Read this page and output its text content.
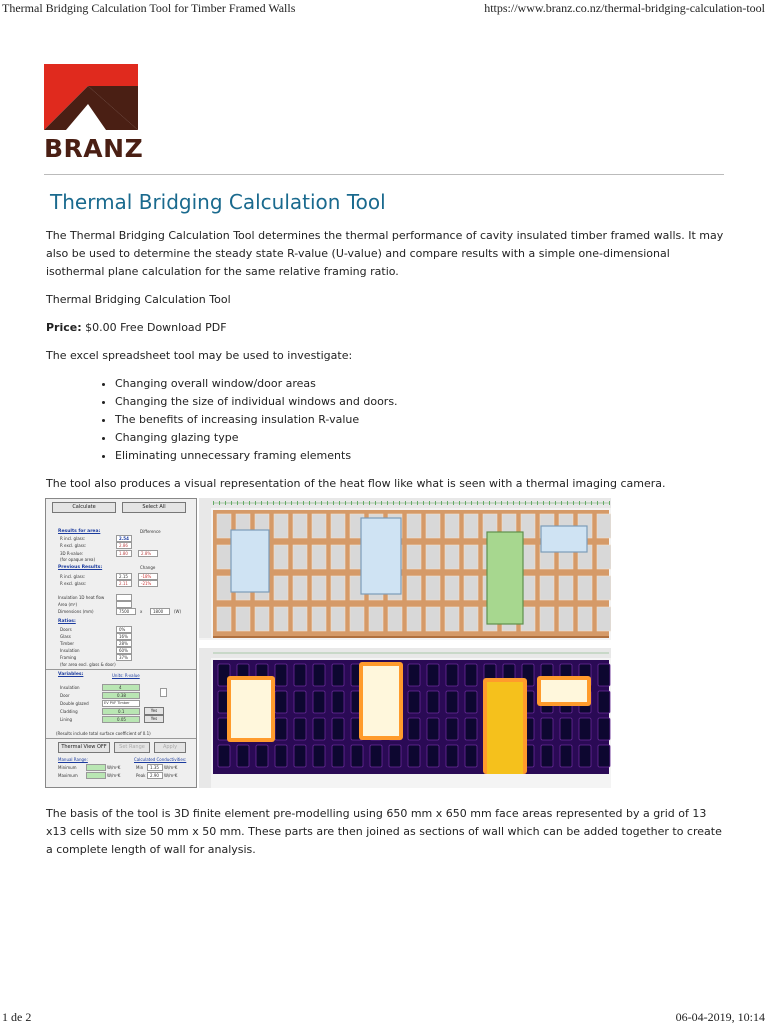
Thermal Bridging Calculation Tool for Timber Framed Walls	https://www.branz.co.nz/thermal-bridging-calculation-tool
BRANZ
Thermal Bridging Calculation Tool

The Thermal Bridging Calculation Tool determines the thermal performance of cavity insulated timber framed walls. It may also be used to determine the steady state R-value (U-value) and compare results with a simple one-dimensional isothermal plane calculation for the same relative framing ratio.

Thermal Bridging Calculation Tool

Price: $0.00 Free Download PDF

The excel spreadsheet tool may be used to investigate:

• Changing overall window/door areas
• Changing the size of individual windows and doors.
• The benefits of increasing insulation R-value
• Changing glazing type
• Eliminating unnecessary framing elements

The tool also produces a visual representation of the heat flow like what is seen with a thermal imaging camera.

Calculate	Select All
Results for area:	Difference
R incl. glass:	2.54
R excl. glass:	2.86
3D R-value:	1.80	2.8%
(for opaque area)
Previous Results:	Change
R incl. glass:	2.15	-18%
R excl. glass:	2.11	-21%
Insulation 1D heat flow
Area (m²)
Dimensions (mm)	7500	x	1800	(W)
Ratios:
Doors	0%
Glass	16%
Timber	28%
Insulation	60%
Framing	37%
(for area excl. glass & door)
Variables:	Units: R-value
Insulation	4
Door	0.38
Double glazed	EV PVF Timber
Cladding	0.1	Yes
Lining	0.05	Yes
(Results include total surface coefficient of 0.1)
Thermal View OFF	Set Range	Apply
Manual Range:	Calculated Conductivities:
Minimum	W/m²K
Maximum	W/m²K
Min 1.35 W/m²K
Peak 2.90 W/m²K

The basis of the tool is 3D finite element pre-modelling using 650 mm x 650 mm face areas represented by a grid of 13 x13 cells with size 50 mm x 50 mm. These parts are then joined as sections of wall which can be added together to create a complete length of wall for analysis.

1 de 2	06-04-2019, 10:14
